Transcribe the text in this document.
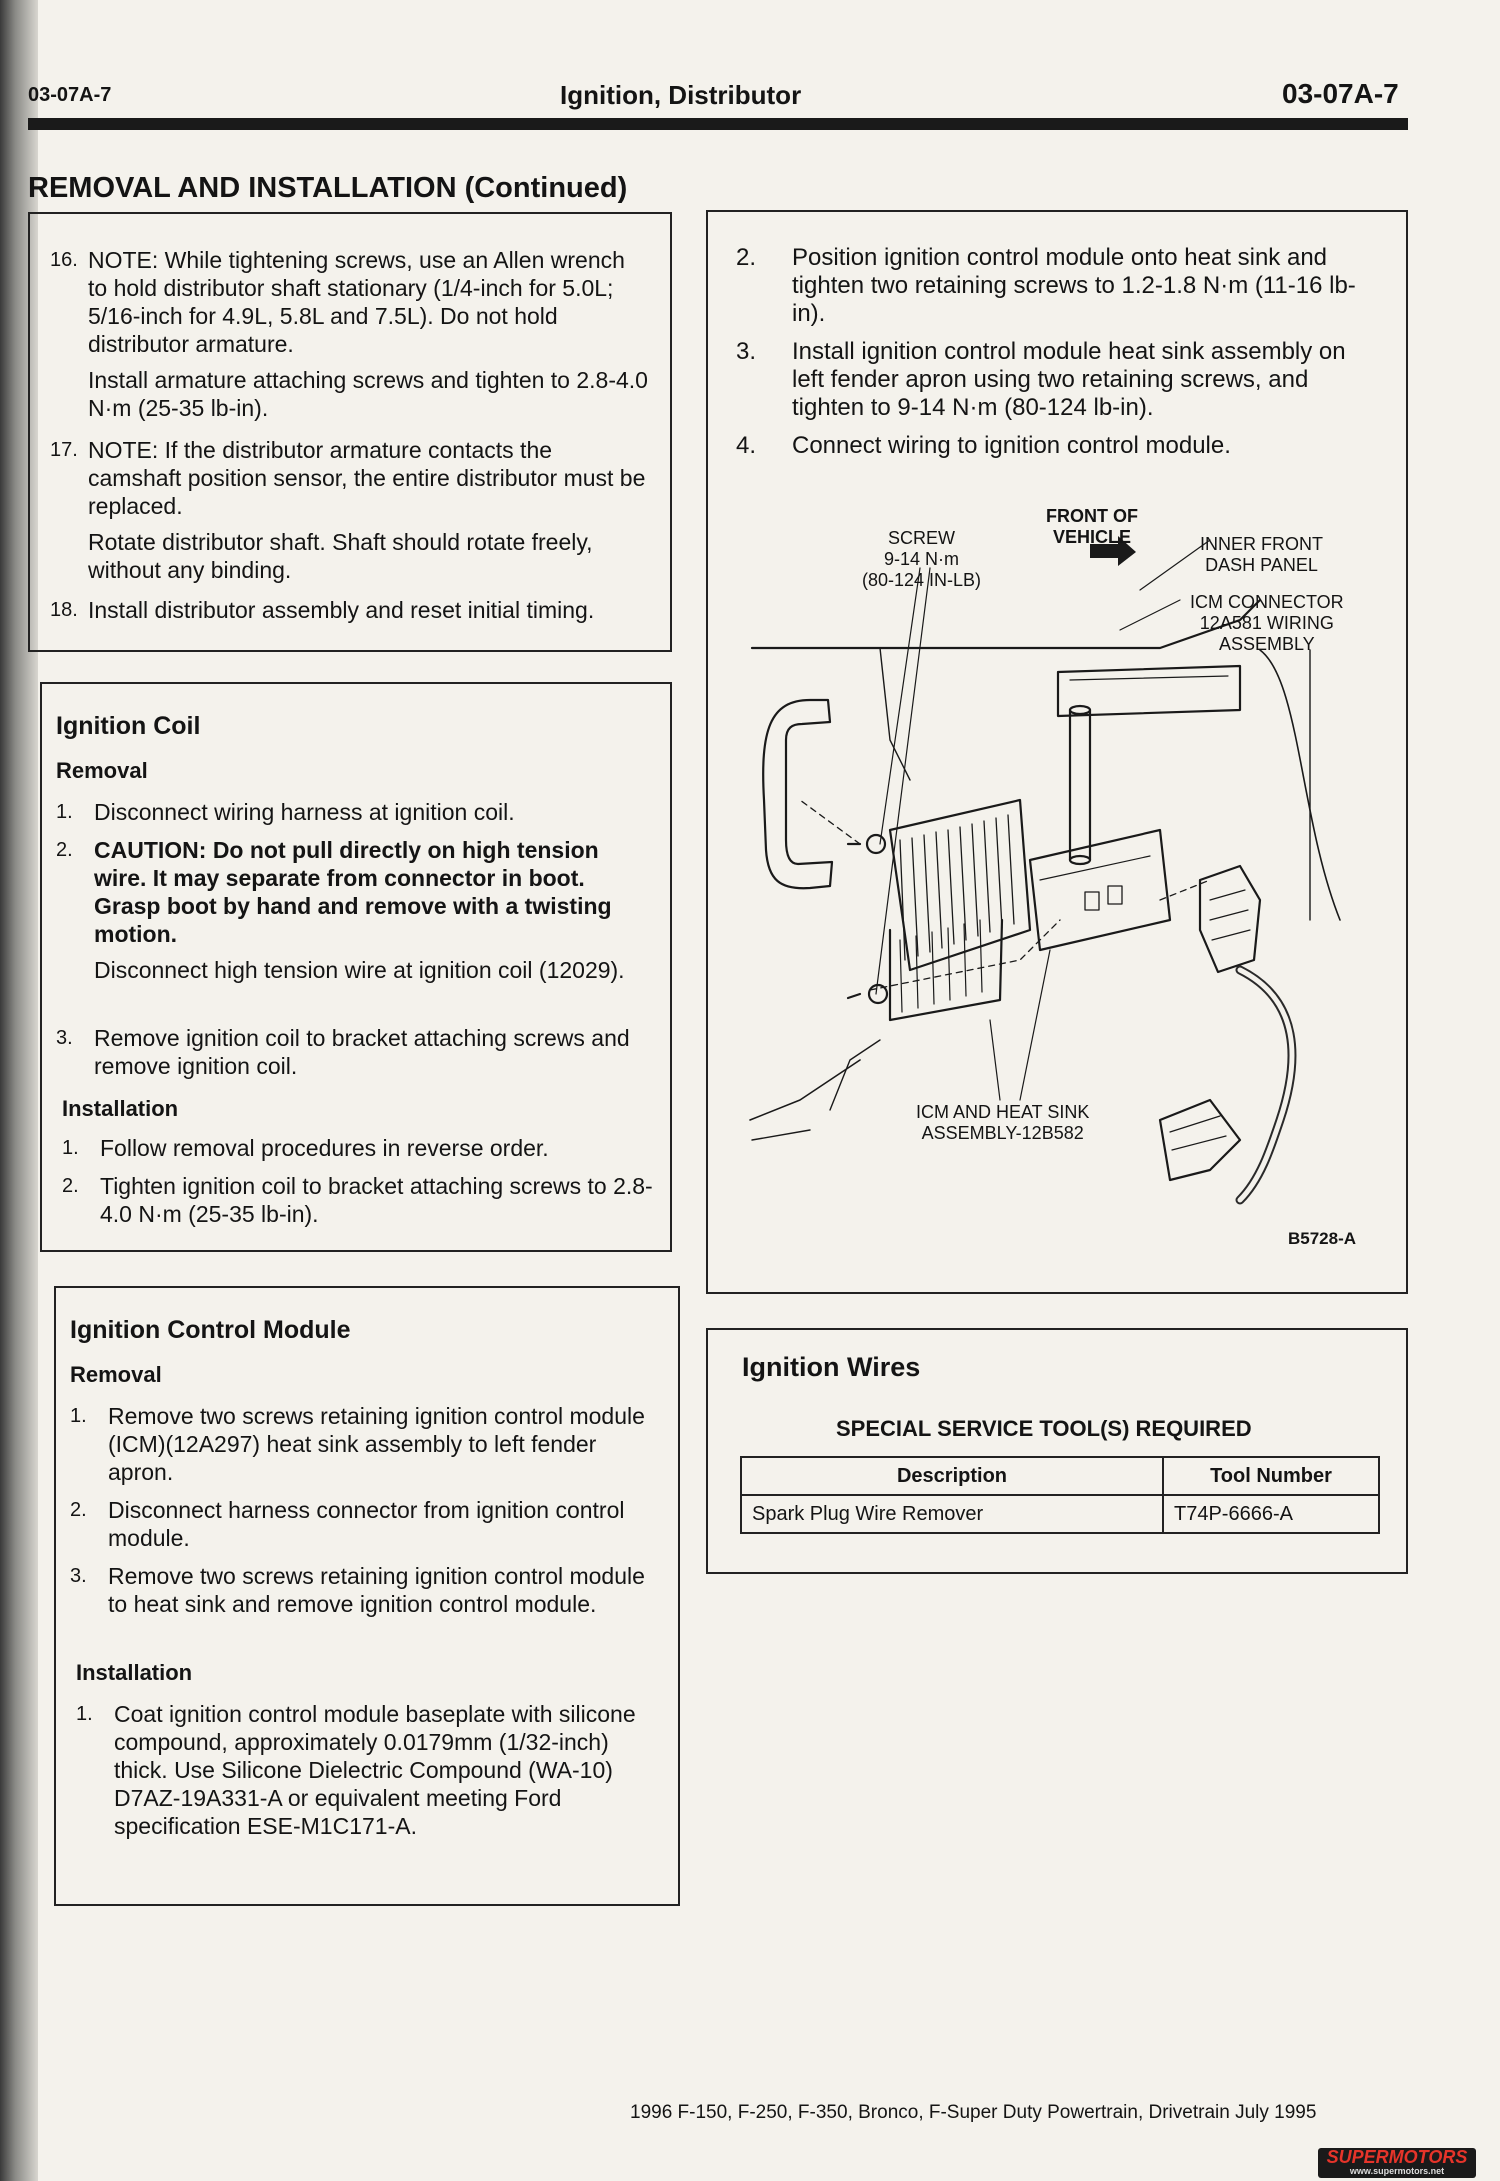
03-07A-7	Ignition, Distributor	03-07A-7
REMOVAL AND INSTALLATION (Continued)
16. NOTE: While tightening screws, use an Allen wrench to hold distributor shaft stationary (1/4-inch for 5.0L; 5/16-inch for 4.9L, 5.8L and 7.5L). Do not hold distributor armature.
Install armature attaching screws and tighten to 2.8-4.0 N·m (25-35 lb-in).
17. NOTE: If the distributor armature contacts the camshaft position sensor, the entire distributor must be replaced.
Rotate distributor shaft. Shaft should rotate freely, without any binding.
18. Install distributor assembly and reset initial timing.
Ignition Coil
Removal
1. Disconnect wiring harness at ignition coil.
2. CAUTION: Do not pull directly on high tension wire. It may separate from connector in boot. Grasp boot by hand and remove with a twisting motion.
Disconnect high tension wire at ignition coil (12029).
3. Remove ignition coil to bracket attaching screws and remove ignition coil.
Installation
1. Follow removal procedures in reverse order.
2. Tighten ignition coil to bracket attaching screws to 2.8-4.0 N·m (25-35 lb-in).
Ignition Control Module
Removal
1. Remove two screws retaining ignition control module (ICM)(12A297) heat sink assembly to left fender apron.
2. Disconnect harness connector from ignition control module.
3. Remove two screws retaining ignition control module to heat sink and remove ignition control module.
Installation
1. Coat ignition control module baseplate with silicone compound, approximately 0.0179mm (1/32-inch) thick. Use Silicone Dielectric Compound (WA-10) D7AZ-19A331-A or equivalent meeting Ford specification ESE-M1C171-A.
2. Position ignition control module onto heat sink and tighten two retaining screws to 1.2-1.8 N·m (11-16 lb-in).
3. Install ignition control module heat sink assembly on left fender apron using two retaining screws, and tighten to 9-14 N·m (80-124 lb-in).
4. Connect wiring to ignition control module.
SCREW
9-14 N·m
(80-124 IN-LB)
FRONT OF
VEHICLE	INNER FRONT
DASH PANEL
ICM CONNECTOR
12A581 WIRING
ASSEMBLY
ICM AND HEAT SINK
ASSEMBLY-12B582
B5728-A
Ignition Wires
SPECIAL SERVICE TOOL(S) REQUIRED
Description	Tool Number
Spark Plug Wire Remover	T74P-6666-A
1996 F-150, F-250, F-350, Bronco, F-Super Duty Powertrain, Drivetrain July 1995
SUPERMOTORS
www.supermotors.net
